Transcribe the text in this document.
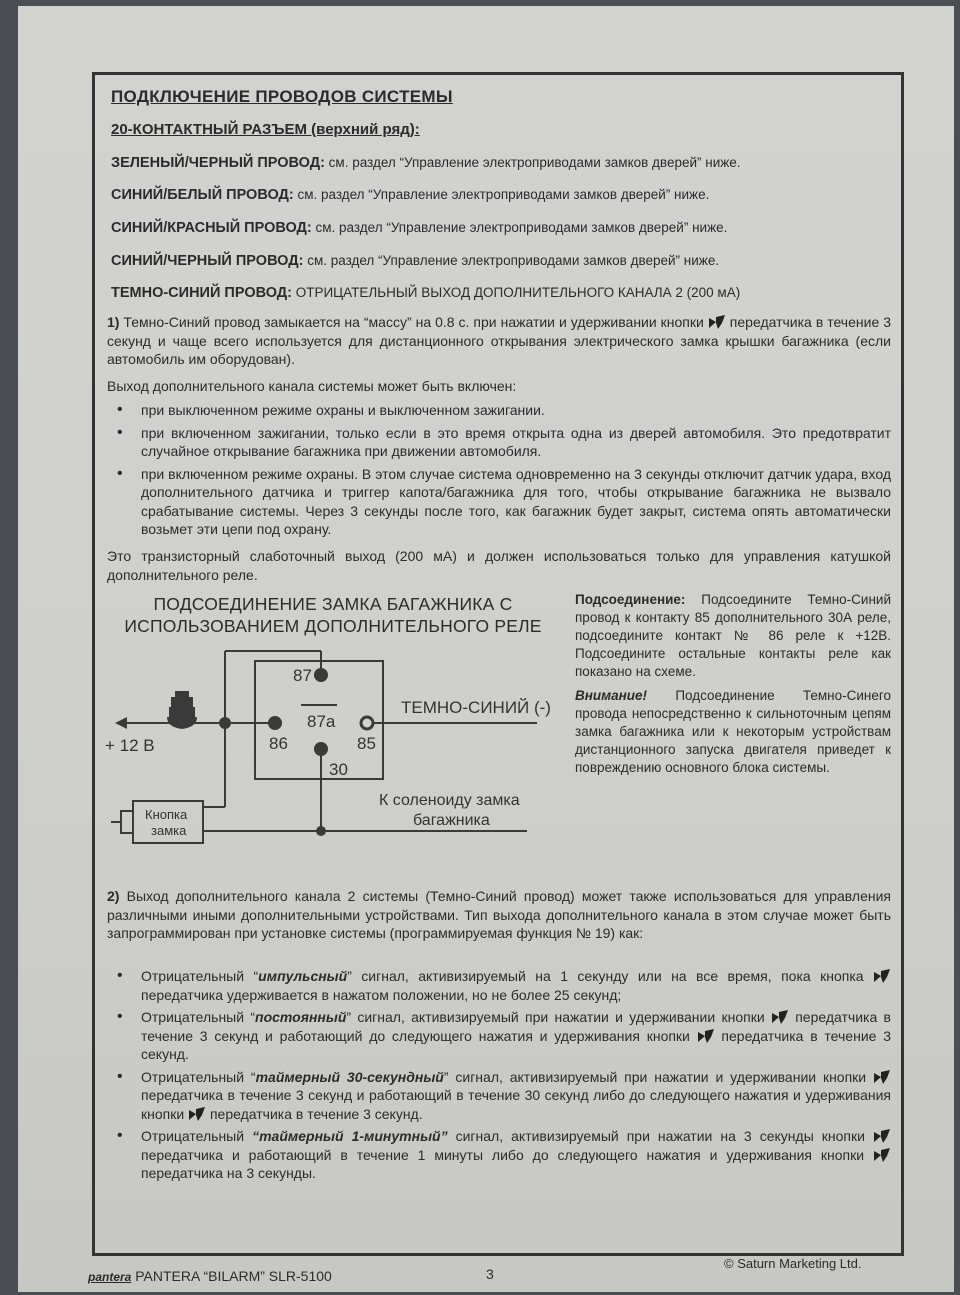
ПОДКЛЮЧЕНИЕ ПРОВОДОВ СИСТЕМЫ
20-КОНТАКТНЫЙ РАЗЪЕМ (верхний ряд):
ЗЕЛЕНЫЙ/ЧЕРНЫЙ ПРОВОД: см. раздел “Управление электроприводами замков дверей” ниже.
СИНИЙ/БЕЛЫЙ ПРОВОД: см. раздел “Управление электроприводами замков дверей” ниже.
СИНИЙ/КРАСНЫЙ ПРОВОД: см. раздел “Управление электроприводами замков дверей” ниже.
СИНИЙ/ЧЕРНЫЙ ПРОВОД: см. раздел “Управление электроприводами замков дверей” ниже.
ТЕМНО-СИНИЙ ПРОВОД: ОТРИЦАТЕЛЬНЫЙ ВЫХОД ДОПОЛНИТЕЛЬНОГО КАНАЛА 2 (200 мА)
1) Темно-Синий провод замыкается на “массу” на 0.8 с. при нажатии и удерживании кнопки  передатчика в течение 3 секунд и чаще всего используется для дистанционного открывания электрического замка крышки багажника (если автомобиль им оборудован).
Выход дополнительного канала системы может быть включен:
• при выключенном режиме охраны и выключенном зажигании.
• при включенном зажигании, только если в это время открыта одна из дверей автомобиля. Это предотвратит случайное открывание багажника при движении автомобиля.
• при включенном режиме охраны. В этом случае система одновременно на 3 секунды отключит датчик удара, вход дополнительного датчика и триггер капота/багажника для того, чтобы открывание багажника не вызвало срабатывание системы. Через 3 секунды после того, как багажник будет закрыт, система опять автоматически возьмет эти цепи под охрану.
Это транзисторный слаботочный выход (200 мА) и должен использоваться только для управления катушкой дополнительного реле.
ПОДСОЕДИНЕНИЕ ЗАМКА БАГАЖНИКА С
ИСПОЛЬЗОВАНИЕМ ДОПОЛНИТЕЛЬНОГО РЕЛЕ
87
87a
86	85
30
ТЕМНО-СИНИЙ (-)
+ 12 В
К соленоиду замка
багажника
Кнопка
замка
Подсоединение: Подсоедините Темно-Синий провод к контакту 85 дополнительного 30А реле, подсоедините контакт № 86 реле к +12В. Подсоедините остальные контакты реле как показано на схеме.
Внимание! Подсоединение Темно-Синего провода непосредственно к сильноточным цепям замка багажника или к некоторым устройствам дистанционного запуска двигателя приведет к повреждению основного блока системы.
2) Выход дополнительного канала 2 системы (Темно-Синий провод) может также использоваться для управления различными иными дополнительными устройствами. Тип выхода дополнительного канала в этом случае может быть запрограммирован при установке системы (программируемая функция № 19) как:
• Отрицательный “импульсный” сигнал, активизируемый на 1 секунду или на все время, пока кнопка  передатчика удерживается в нажатом положении, но не более 25 секунд;
• Отрицательный “постоянный” сигнал, активизируемый при нажатии и удерживании кнопки  передатчика в течение 3 секунд и работающий до следующего нажатия и удерживания кнопки  передатчика в течение 3 секунд.
• Отрицательный “таймерный 30-секундный” сигнал, активизируемый при нажатии и удерживании кнопки  передатчика в течение 3 секунд и работающий в течение 30 секунд либо до следующего нажатия и удерживания кнопки  передатчика в течение 3 секунд.
• Отрицательный “таймерный 1-минутный” сигнал, активизируемый при нажатии на 3 секунды кнопки  передатчика и работающий в течение 1 минуты либо до следующего нажатия и удерживания кнопки  передатчика на 3 секунды.
pantera PANTERA “BILARM” SLR-5100	3
© Saturn Marketing Ltd.
